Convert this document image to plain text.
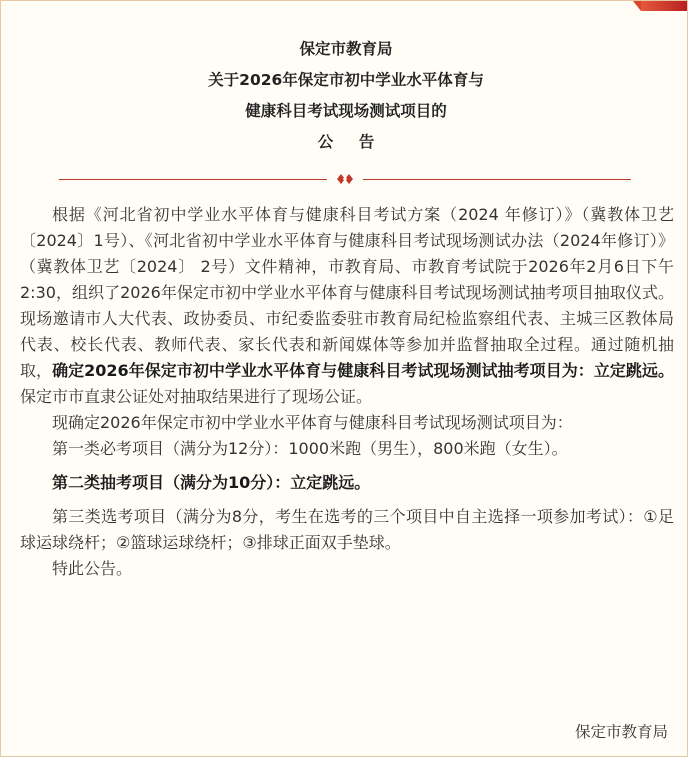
保定市教育局
关于2026年保定市初中学业水平体育与
健康科目考试现场测试项目的
公 告

根据《河北省初中学业水平体育与健康科目考试方案（2024 年修订）》（冀教体卫艺〔2024〕1号）、《河北省初中学业水平体育与健康科目考试现场测试办法（2024年修订）》（冀教体卫艺〔2024〕 2号）文件精神，市教育局、市教育考试院于2026年2月6日下午2:30，组织了2026年保定市初中学业水平体育与健康科目考试现场测试抽考项目抽取仪式。现场邀请市人大代表、政协委员、市纪委监委驻市教育局纪检监察组代表、主城三区教体局代表、校长代表、教师代表、家长代表和新闻媒体等参加并监督抽取全过程。通过随机抽取，确定2026年保定市初中学业水平体育与健康科目考试现场测试抽考项目为：立定跳远。保定市市直隶公证处对抽取结果进行了现场公证。

现确定2026年保定市初中学业水平体育与健康科目考试现场测试项目为：

第一类必考项目（满分为12分）：1000米跑（男生），800米跑（女生）。

第二类抽考项目（满分为10分）：立定跳远。

第三类选考项目（满分为8分，考生在选考的三个项目中自主选择一项参加考试）：①足球运球绕杆；②篮球运球绕杆；③排球正面双手垫球。

特此公告。

保定市教育局
